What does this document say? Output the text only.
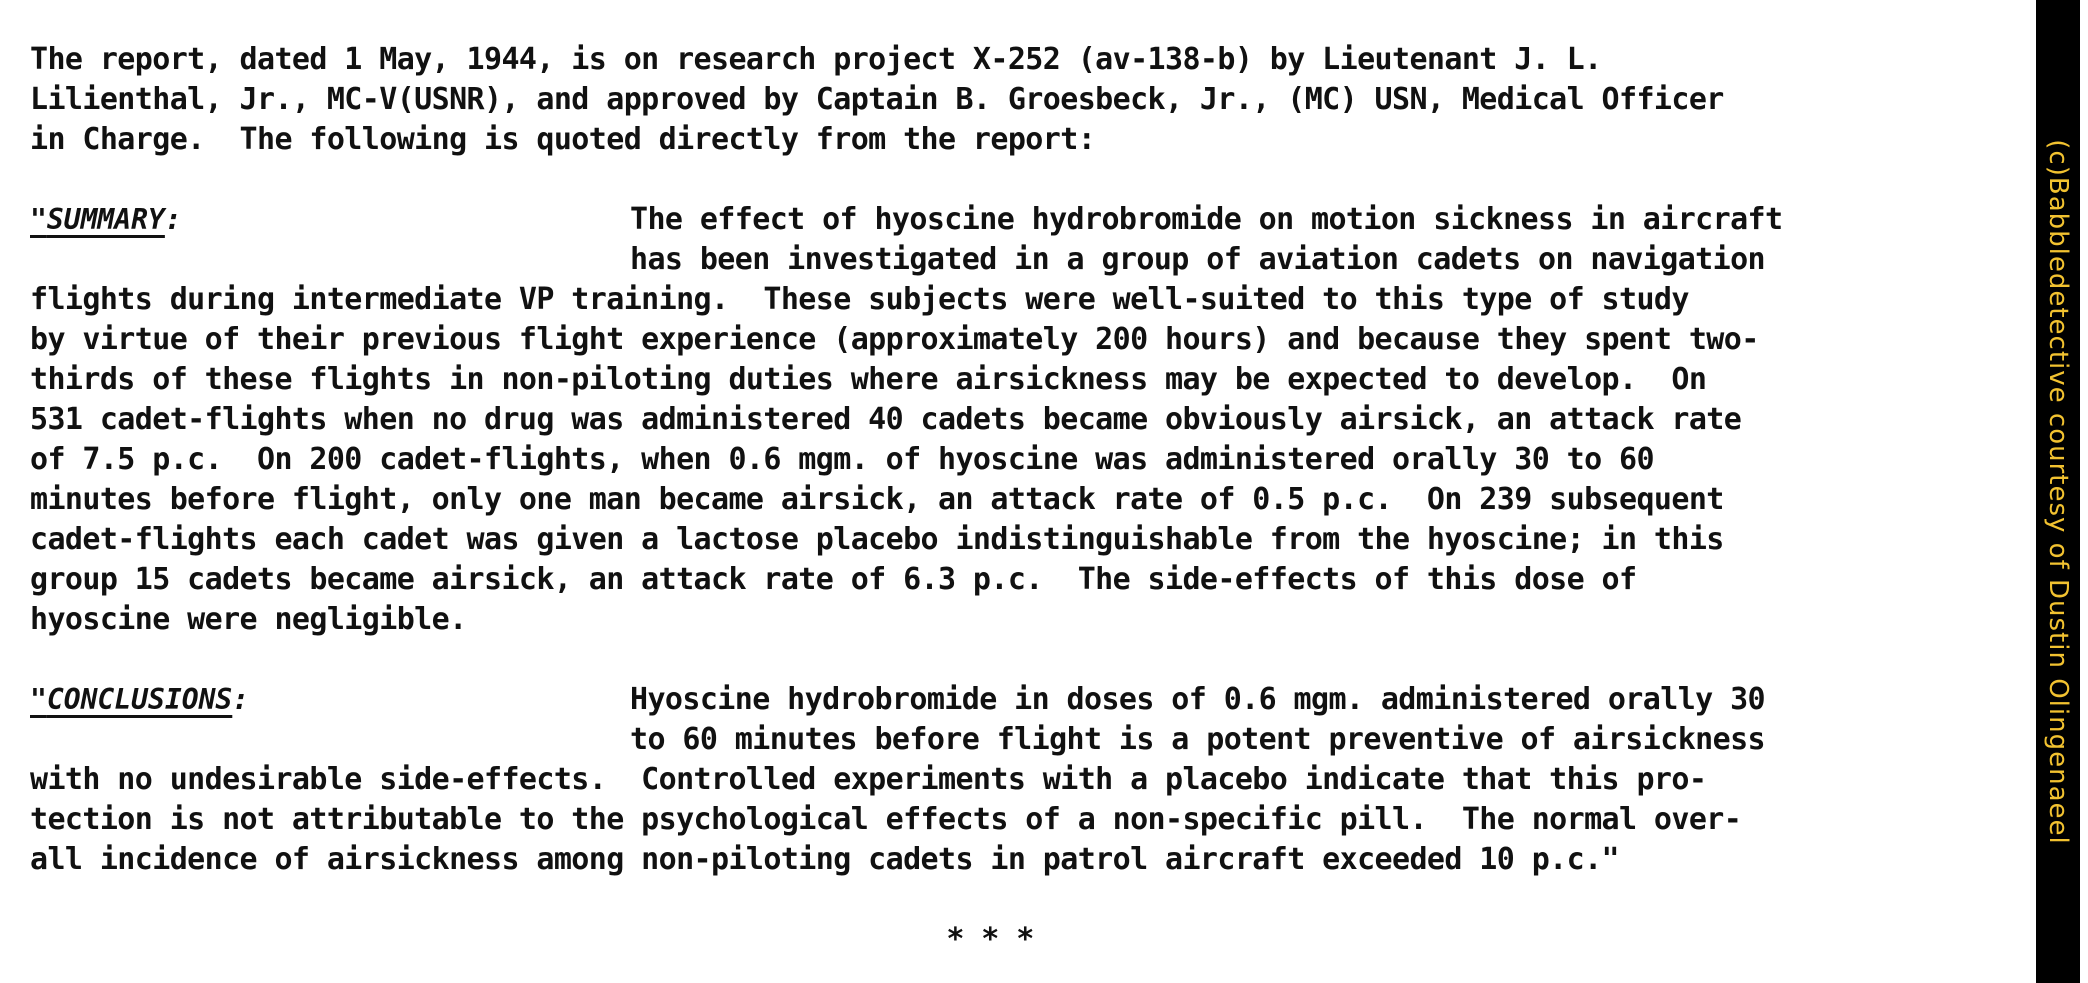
The report, dated 1 May, 1944, is on research project X-252 (av-138-b) by Lieutenant J. L.
Lilienthal, Jr., MC-V(USNR), and approved by Captain B. Groesbeck, Jr., (MC) USN, Medical Officer
in Charge.  The following is quoted directly from the report:
"SUMMARY:	The effect of hyoscine hydrobromide on motion sickness in aircraft
has been investigated in a group of aviation cadets on navigation
flights during intermediate VP training.  These subjects were well-suited to this type of study
by virtue of their previous flight experience (approximately 200 hours) and because they spent two-
thirds of these flights in non-piloting duties where airsickness may be expected to develop.  On
531 cadet-flights when no drug was administered 40 cadets became obviously airsick, an attack rate
of 7.5 p.c.  On 200 cadet-flights, when 0.6 mgm. of hyoscine was administered orally 30 to 60
minutes before flight, only one man became airsick, an attack rate of 0.5 p.c.  On 239 subsequent
cadet-flights each cadet was given a lactose placebo indistinguishable from the hyoscine; in this
group 15 cadets became airsick, an attack rate of 6.3 p.c.  The side-effects of this dose of
hyoscine were negligible.
"CONCLUSIONS:	Hyoscine hydrobromide in doses of 0.6 mgm. administered orally 30
to 60 minutes before flight is a potent preventive of airsickness
with no undesirable side-effects.  Controlled experiments with a placebo indicate that this pro-
tection is not attributable to the psychological effects of a non-specific pill.  The normal over-
all incidence of airsickness among non-piloting cadets in patrol aircraft exceeded 10 p.c."
* * *
(c)Babbledetective courtesy of Dustin Olingenaeel
